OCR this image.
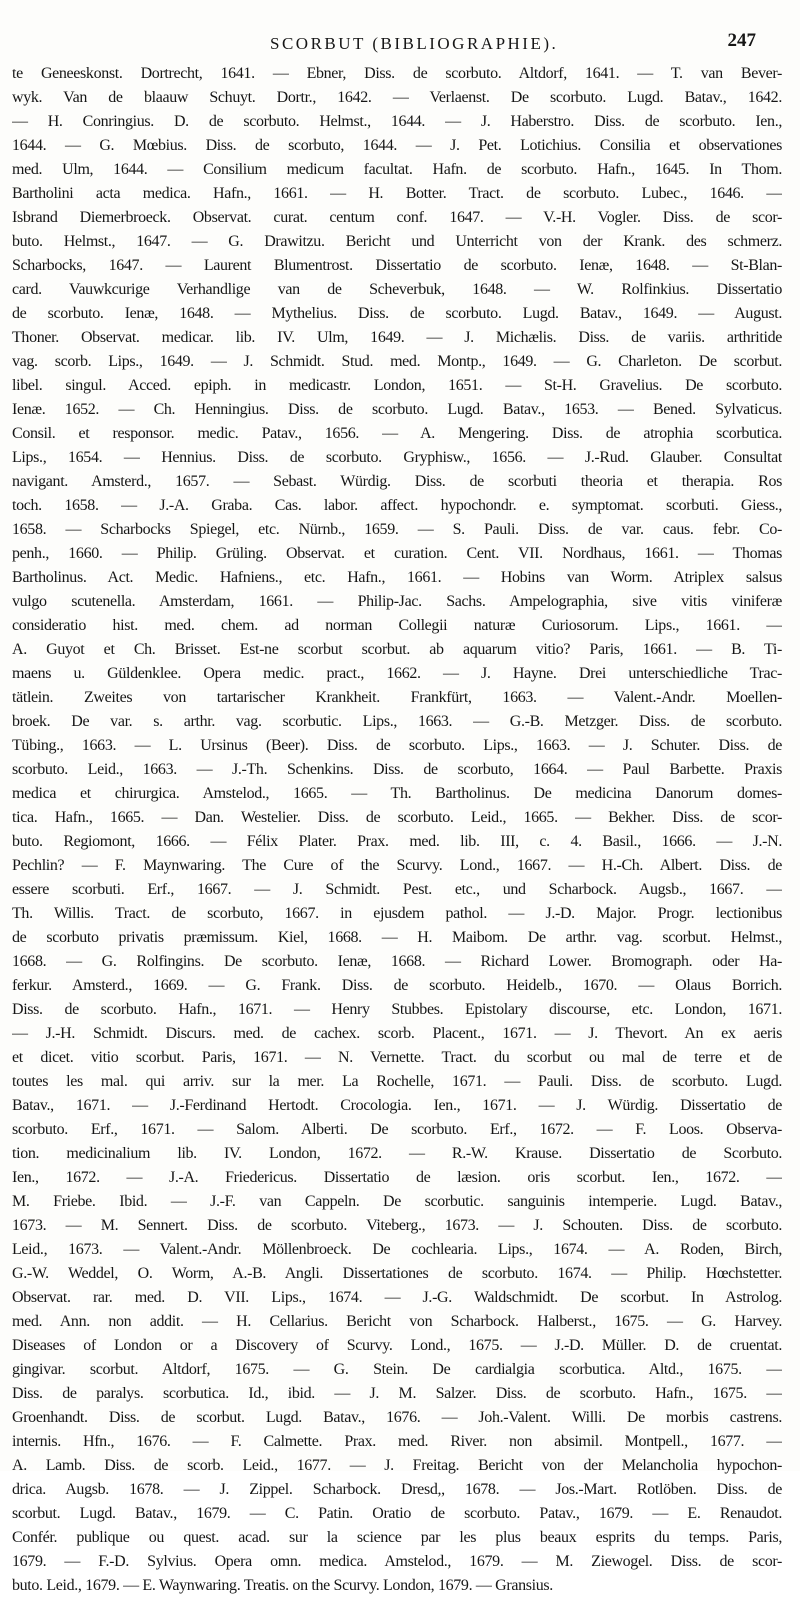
SCORBUT (BIBLIOGRAPHIE).	247
te Geneeskonst. Dortrecht, 1641. — Ebner, Diss. de scorbuto. Altdorf, 1641. — T. van Bever-
wyk. Van de blaauw Schuyt. Dortr., 1642. — Verlaenst. De scorbuto. Lugd. Batav., 1642.
— H. Conringius. D. de scorbuto. Helmst., 1644. — J. Haberstro. Diss. de scorbuto. Ien.,
1644. — G. Mœbius. Diss. de scorbuto, 1644. — J. Pet. Lotichius. Consilia et observationes
med. Ulm, 1644. — Consilium medicum facultat. Hafn. de scorbuto. Hafn., 1645. In Thom.
Bartholini acta medica. Hafn., 1661. — H. Botter. Tract. de scorbuto. Lubec., 1646. —
Isbrand Diemerbroeck. Observat. curat. centum conf. 1647. — V.-H. Vogler. Diss. de scor-
buto. Helmst., 1647. — G. Drawitzu. Bericht und Unterricht von der Krank. des schmerz.
Scharbocks, 1647. — Laurent Blumentrost. Dissertatio de scorbuto. Ienæ, 1648. — St-Blan-
card. Vauwkcurige Verhandlige van de Scheverbuk, 1648. — W. Rolfinkius. Dissertatio
de scorbuto. Ienæ, 1648. — Mythelius. Diss. de scorbuto. Lugd. Batav., 1649. — August.
Thoner. Observat. medicar. lib. IV. Ulm, 1649. — J. Michælis. Diss. de variis. arthritide
vag. scorb. Lips., 1649. — J. Schmidt. Stud. med. Montp., 1649. — G. Charleton. De scorbut.
libel. singul. Acced. epiph. in medicastr. London, 1651. — St-H. Gravelius. De scorbuto.
Ienæ. 1652. — Ch. Henningius. Diss. de scorbuto. Lugd. Batav., 1653. — Bened. Sylvaticus.
Consil. et responsor. medic. Patav., 1656. — A. Mengering. Diss. de atrophia scorbutica.
Lips., 1654. — Hennius. Diss. de scorbuto. Gryphisw., 1656. — J.-Rud. Glauber. Consultat
navigant. Amsterd., 1657. — Sebast. Würdig. Diss. de scorbuti theoria et therapia. Ros
toch. 1658. — J.-A. Graba. Cas. labor. affect. hypochondr. e. symptomat. scorbuti. Giess.,
1658. — Scharbocks Spiegel, etc. Nürnb., 1659. — S. Pauli. Diss. de var. caus. febr. Co-
penh., 1660. — Philip. Grüling. Observat. et curation. Cent. VII. Nordhaus, 1661. — Thomas
Bartholinus. Act. Medic. Hafniens., etc. Hafn., 1661. — Hobins van Worm. Atriplex salsus
vulgo scutenella. Amsterdam, 1661. — Philip-Jac. Sachs. Ampelographia, sive vitis viniferæ
consideratio hist. med. chem. ad norman Collegii naturæ Curiosorum. Lips., 1661. —
A. Guyot et Ch. Brisset. Est-ne scorbut scorbut. ab aquarum vitio? Paris, 1661. — B. Ti-
maens u. Güldenklee. Opera medic. pract., 1662. — J. Hayne. Drei unterschiedliche Trac-
tätlein. Zweites von tartarischer Krankheit. Frankfürt, 1663. — Valent.-Andr. Moellen-
broek. De var. s. arthr. vag. scorbutic. Lips., 1663. — G.-B. Metzger. Diss. de scorbuto.
Tübing., 1663. — L. Ursinus (Beer). Diss. de scorbuto. Lips., 1663. — J. Schuter. Diss. de
scorbuto. Leid., 1663. — J.-Th. Schenkins. Diss. de scorbuto, 1664. — Paul Barbette. Praxis
medica et chirurgica. Amstelod., 1665. — Th. Bartholinus. De medicina Danorum domes-
tica. Hafn., 1665. — Dan. Westelier. Diss. de scorbuto. Leid., 1665. — Bekher. Diss. de scor-
buto. Regiomont, 1666. — Félix Plater. Prax. med. lib. III, c. 4. Basil., 1666. — J.-N.
Pechlin? — F. Maynwaring. The Cure of the Scurvy. Lond., 1667. — H.-Ch. Albert. Diss. de
essere scorbuti. Erf., 1667. — J. Schmidt. Pest. etc., und Scharbock. Augsb., 1667. —
Th. Willis. Tract. de scorbuto, 1667. in ejusdem pathol. — J.-D. Major. Progr. lectionibus
de scorbuto privatis præmissum. Kiel, 1668. — H. Maibom. De arthr. vag. scorbut. Helmst.,
1668. — G. Rolfingins. De scorbuto. Ienæ, 1668. — Richard Lower. Bromograph. oder Ha-
ferkur. Amsterd., 1669. — G. Frank. Diss. de scorbuto. Heidelb., 1670. — Olaus Borrich.
Diss. de scorbuto. Hafn., 1671. — Henry Stubbes. Epistolary discourse, etc. London, 1671.
— J.-H. Schmidt. Discurs. med. de cachex. scorb. Placent., 1671. — J. Thevort. An ex aeris
et dicet. vitio scorbut. Paris, 1671. — N. Vernette. Tract. du scorbut ou mal de terre et de
toutes les mal. qui arriv. sur la mer. La Rochelle, 1671. — Pauli. Diss. de scorbuto. Lugd.
Batav., 1671. — J.-Ferdinand Hertodt. Crocologia. Ien., 1671. — J. Würdig. Dissertatio de
scorbuto. Erf., 1671. — Salom. Alberti. De scorbuto. Erf., 1672. — F. Loos. Observa-
tion. medicinalium lib. IV. London, 1672. — R.-W. Krause. Dissertatio de Scorbuto.
Ien., 1672. — J.-A. Friedericus. Dissertatio de læsion. oris scorbut. Ien., 1672. —
M. Friebe. Ibid. — J.-F. van Cappeln. De scorbutic. sanguinis intemperie. Lugd. Batav.,
1673. — M. Sennert. Diss. de scorbuto. Viteberg., 1673. — J. Schouten. Diss. de scorbuto.
Leid., 1673. — Valent.-Andr. Möllenbroeck. De cochlearia. Lips., 1674. — A. Roden, Birch,
G.-W. Weddel, O. Worm, A.-B. Angli. Dissertationes de scorbuto. 1674. — Philip. Hœchstetter.
Observat. rar. med. D. VII. Lips., 1674. — J.-G. Waldschmidt. De scorbut. In Astrolog.
med. Ann. non addit. — H. Cellarius. Bericht von Scharbock. Halberst., 1675. — G. Harvey.
Diseases of London or a Discovery of Scurvy. Lond., 1675. — J.-D. Müller. D. de cruentat.
gingivar. scorbut. Altdorf, 1675. — G. Stein. De cardialgia scorbutica. Altd., 1675. —
Diss. de paralys. scorbutica. Id., ibid. — J. M. Salzer. Diss. de scorbuto. Hafn., 1675. —
Groenhandt. Diss. de scorbut. Lugd. Batav., 1676. — Joh.-Valent. Willi. De morbis castrens.
internis. Hfn., 1676. — F. Calmette. Prax. med. River. non absimil. Montpell., 1677. —
A. Lamb. Diss. de scorb. Leid., 1677. — J. Freitag. Bericht von der Melancholia hypochon-
drica. Augsb. 1678. — J. Zippel. Scharbock. Dresd,, 1678. — Jos.-Mart. Rotlöben. Diss. de
scorbut. Lugd. Batav., 1679. — C. Patin. Oratio de scorbuto. Patav., 1679. — E. Renaudot.
Confér. publique ou quest. acad. sur la science par les plus beaux esprits du temps. Paris,
1679. — F.-D. Sylvius. Opera omn. medica. Amstelod., 1679. — M. Ziewogel. Diss. de scor-
buto. Leid., 1679. — E. Waynwaring. Treatis. on the Scurvy. London, 1679. — Gransius.
